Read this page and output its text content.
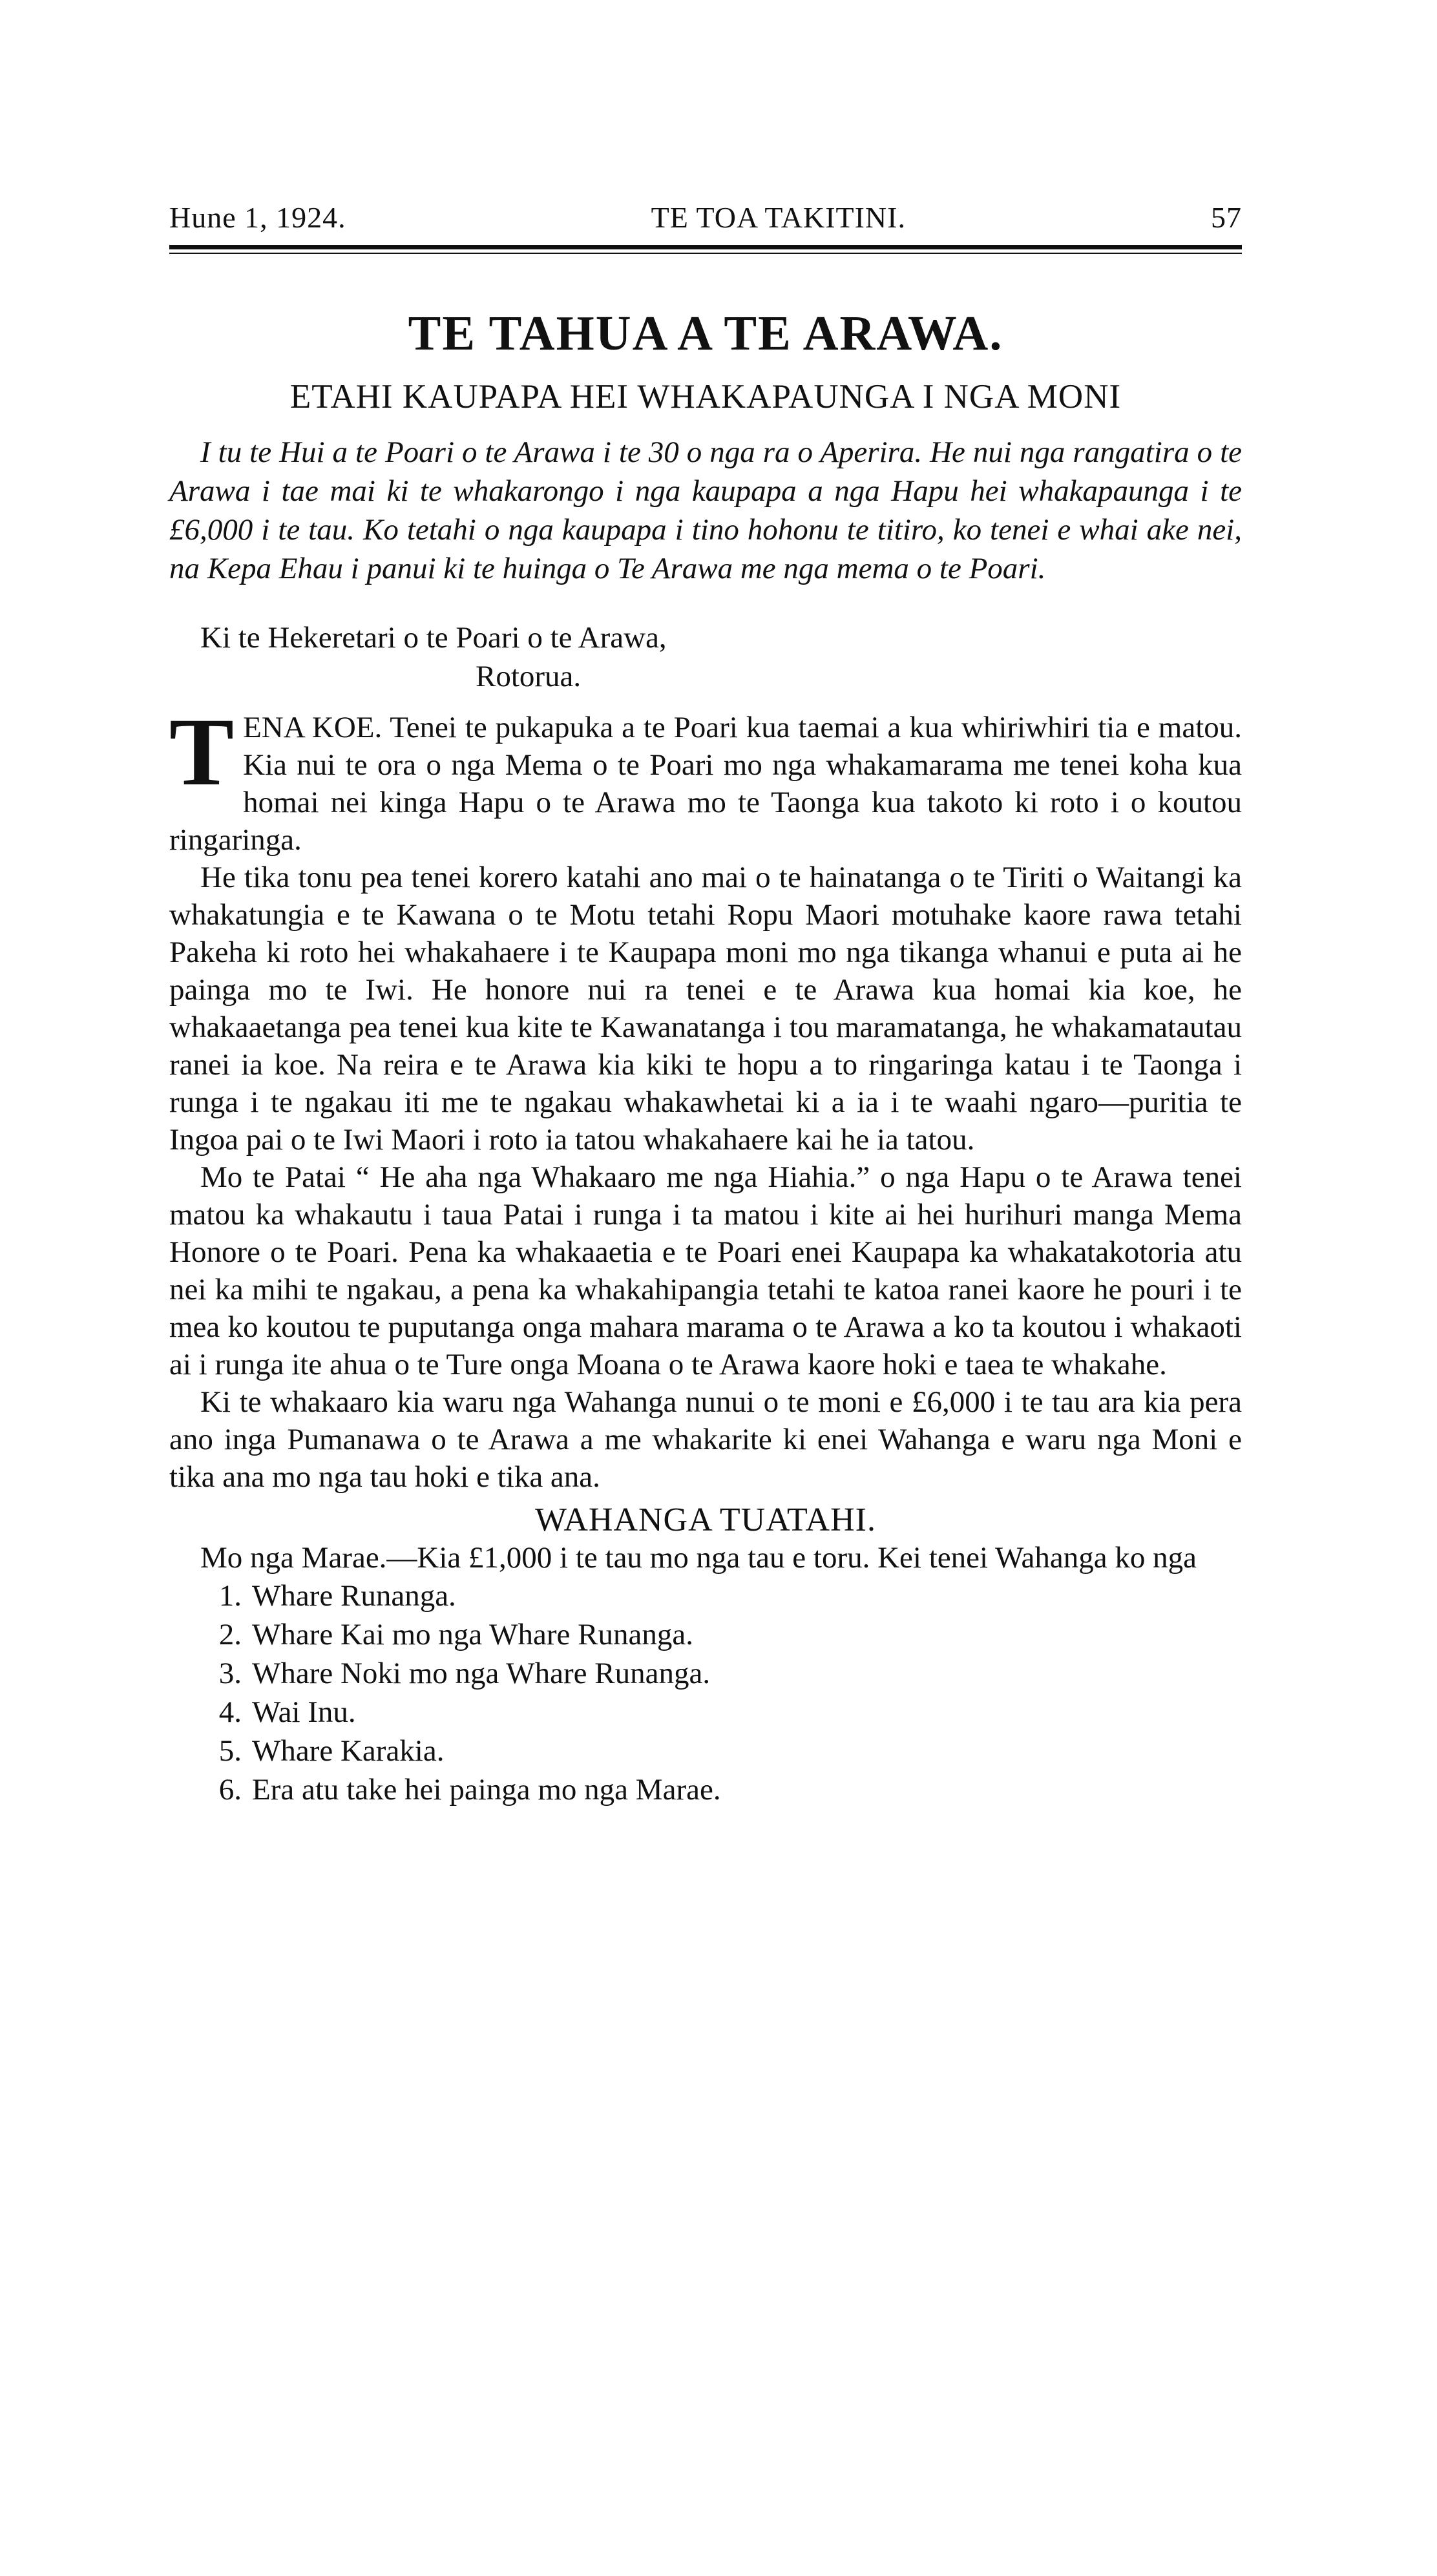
Hune 1, 1924.	TE TOA TAKITINI.	57
TE TAHUA A TE ARAWA.
ETAHI KAUPAPA HEI WHAKAPAUNGA I NGA MONI

I tu te Hui a te Poari o te Arawa i te 30 o nga ra o Aperira. He nui nga rangatira o te Arawa i tae mai ki te whakarongo i nga kaupapa a nga Hapu hei whakapaunga i te £6,000 i te tau. Ko tetahi o nga kaupapa i tino hohonu te titiro, ko tenei e whai ake nei, na Kepa Ehau i panui ki te huinga o Te Arawa me nga mema o te Poari.

Ki te Hekeretari o te Poari o te Arawa,
Rotorua.

TENA KOE. Tenei te pukapuka a te Poari kua taemai a kua whiriwhiri tia e matou. Kia nui te ora o nga Mema o te Poari mo nga whakamarama me tenei koha kua homai nei kinga Hapu o te Arawa mo te Taonga kua takoto ki roto i o koutou ringaringa.

He tika tonu pea tenei korero katahi ano mai o te hainatanga o te Tiriti o Waitangi ka whakatungia e te Kawana o te Motu tetahi Ropu Maori motuhake kaore rawa tetahi Pakeha ki roto hei whakahaere i te Kaupapa moni mo nga tikanga whanui e puta ai he painga mo te Iwi. He honore nui ra tenei e te Arawa kua homai kia koe, he whakaaetanga pea tenei kua kite te Kawanatanga i tou maramatanga, he whakamatautau ranei ia koe. Na reira e te Arawa kia kiki te hopu a to ringaringa katau i te Taonga i runga i te ngakau iti me te ngakau whakawhetai ki a ia i te waahi ngaro—puritia te Ingoa pai o te Iwi Maori i roto ia tatou whakahaere kai he ia tatou.

Mo te Patai “ He aha nga Whakaaro me nga Hiahia.” o nga Hapu o te Arawa tenei matou ka whakautu i taua Patai i runga i ta matou i kite ai hei hurihuri manga Mema Honore o te Poari. Pena ka whakaaetia e te Poari enei Kaupapa ka whakatakotoria atu nei ka mihi te ngakau, a pena ka whakahipangia tetahi te katoa ranei kaore he pouri i te mea ko koutou te puputanga onga mahara marama o te Arawa a ko ta koutou i whakaoti ai i runga ite ahua o te Ture onga Moana o te Arawa kaore hoki e taea te whakahe.

Ki te whakaaro kia waru nga Wahanga nunui o te moni e £6,000 i te tau ara kia pera ano inga Pumanawa o te Arawa a me whakarite ki enei Wahanga e waru nga Moni e tika ana mo nga tau hoki e tika ana.

WAHANGA TUATAHI.

Mo nga Marae.—Kia £1,000 i te tau mo nga tau e toru. Kei tenei Wahanga ko nga

1. Whare Runanga.
2. Whare Kai mo nga Whare Runanga.
3. Whare Noki mo nga Whare Runanga.
4. Wai Inu.
5. Whare Karakia.
6. Era atu take hei painga mo nga Marae.
